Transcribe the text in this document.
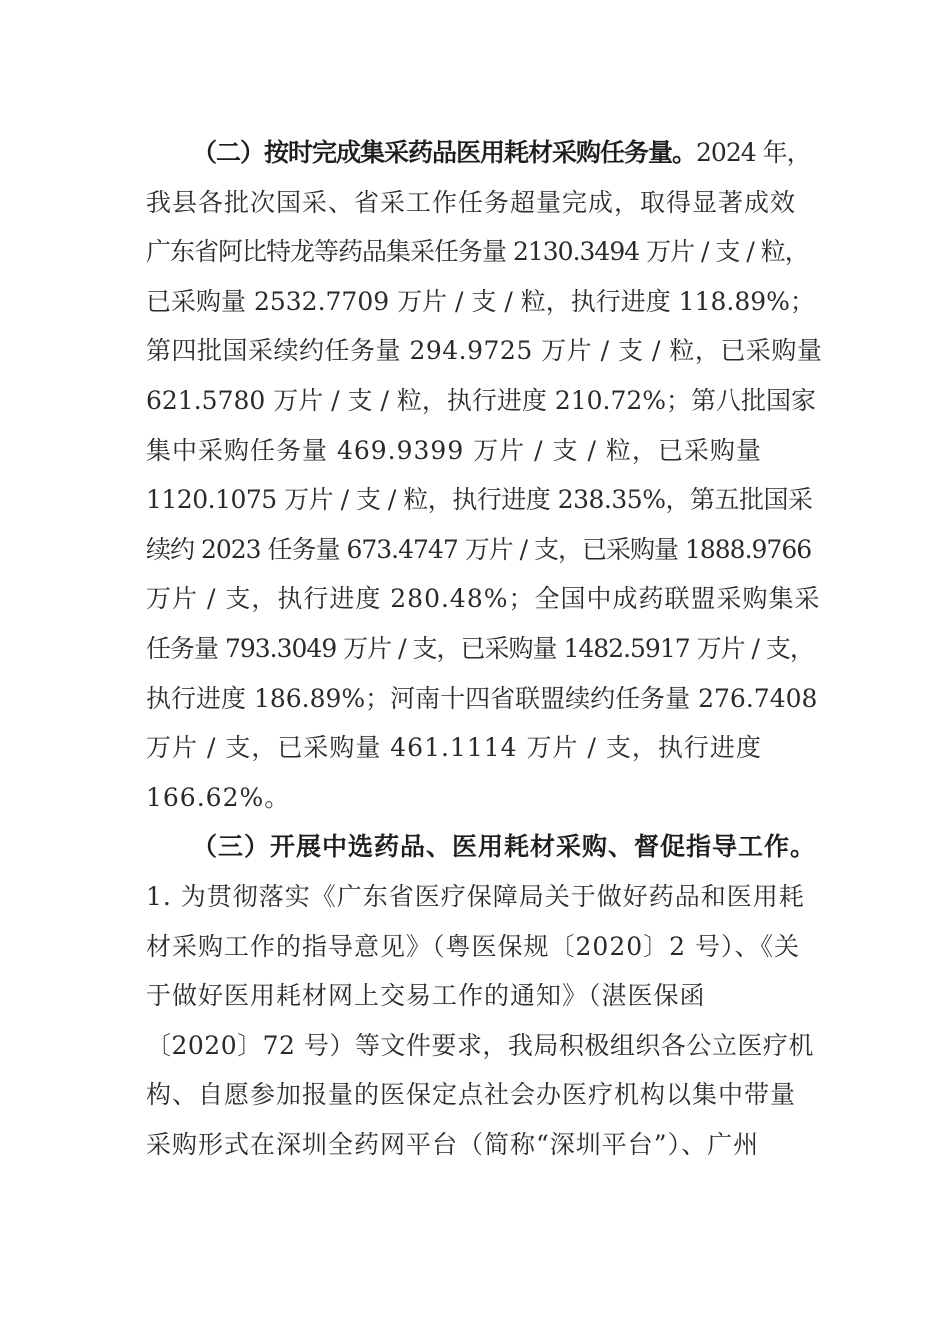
（二）按时完成集采药品医用耗材采购任务量。2024 年，
我县各批次国采、省采工作任务超量完成，取得显著成效
广东省阿比特龙等药品集采任务量 2130.3494 万片 / 支 / 粒，
已采购量 2532.7709 万片 / 支 / 粒，执行进度 118.89%；
第四批国采续约任务量 294.9725 万片 / 支 / 粒，已采购量
621.5780 万片 / 支 / 粒，执行进度 210.72%；第八批国家
集中采购任务量 469.9399 万片 / 支 / 粒，已采购量
1120.1075 万片 / 支 / 粒，执行进度 238.35%，第五批国采
续约 2023 任务量 673.4747 万片 / 支，已采购量 1888.9766
万片 / 支，执行进度 280.48%；全国中成药联盟采购集采
任务量 793.3049 万片 / 支，已采购量 1482.5917 万片 / 支，
执行进度 186.89%；河南十四省联盟续约任务量 276.7408
万片 / 支，已采购量 461.1114 万片 / 支，执行进度
166.62%。
（三）开展中选药品、医用耗材采购、督促指导工作。
1. 为贯彻落实《广东省医疗保障局关于做好药品和医用耗
材采购工作的指导意见》（粤医保规〔2020〕2 号）、《关
于做好医用耗材网上交易工作的通知》（湛医保函
〔2020〕72 号）等文件要求，我局积极组织各公立医疗机
构、自愿参加报量的医保定点社会办医疗机构以集中带量
采购形式在深圳全药网平台（简称“深圳平台”）、广州
